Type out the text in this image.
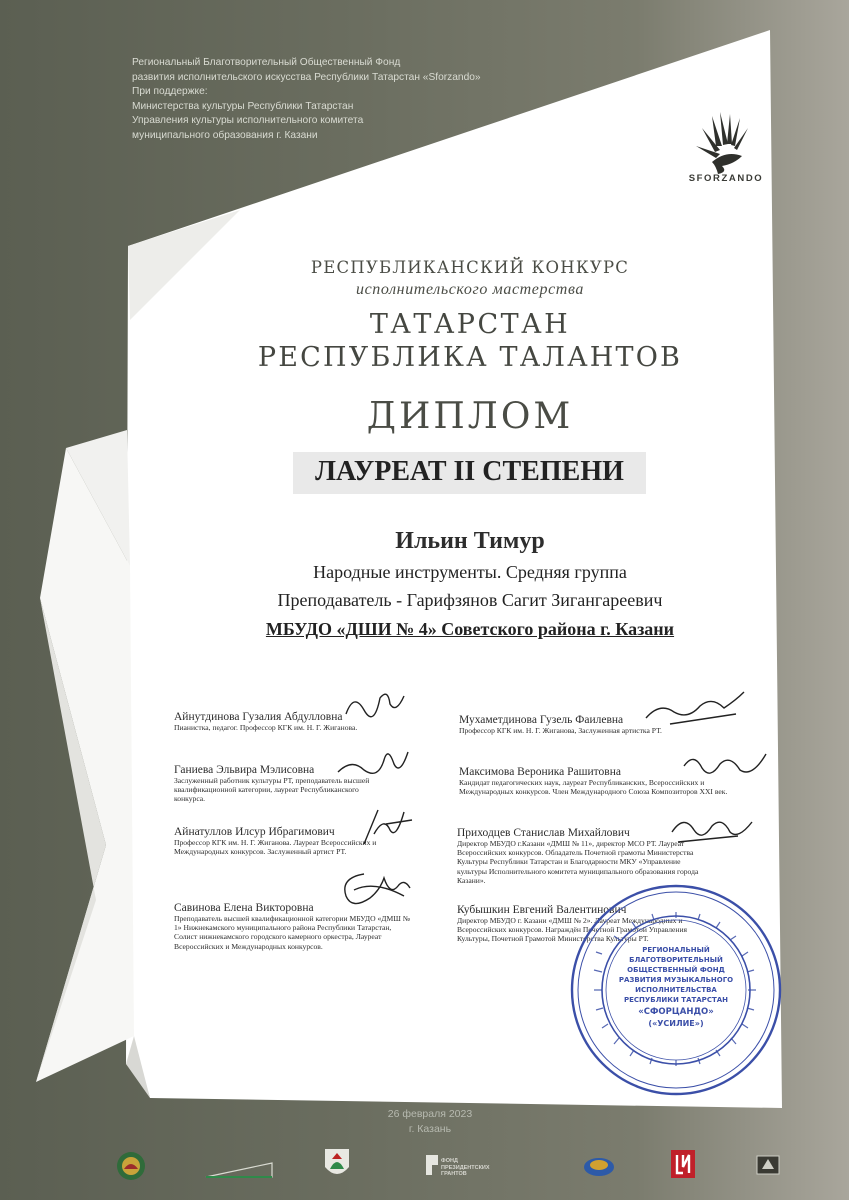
Региональный Благотворительный Общественный Фонд
развития исполнительского искусства Республики Татарстан «Sforzando»
При поддержке:
Министерства культуры Республики Татарстан
Управления культуры исполнительного комитета
муниципального образования г. Казани
SFORZANDO
РЕСПУБЛИКАНСКИЙ КОНКУРС
исполнительского мастерства
ТАТАРСТАН
РЕСПУБЛИКА ТАЛАНТОВ
ДИПЛОМ
ЛАУРЕАТ II СТЕПЕНИ
Ильин Тимур
Народные инструменты. Средняя группа
Преподаватель - Гарифзянов Сагит Зигангареевич
МБУДО «ДШИ № 4» Советского района г. Казани
Айнутдинова Гузалия Абдулловна
Пианистка, педагог. Профессор КГК им. Н. Г. Жиганова.
Ганиева Эльвира Мэлисовна
Заслуженный работник культуры РТ, преподаватель высшей квалификационной категории, лауреат Республиканского конкурса.
Айнатуллов Илсур Ибрагимович
Профессор КГК им. Н. Г. Жиганова. Лауреат Всероссийских и Международных конкурсов. Заслуженный артист РТ.
Савинова Елена Викторовна
Преподаватель высшей квалификационной категории МБУДО «ДМШ № 1» Нижнекамского муниципального района Республики Татарстан, Солист нижнекамского городского камерного оркестра, Лауреат Всероссийских и Международных конкурсов.
Мухаметдинова Гузель Фаилевна
Профессор КГК им. Н. Г. Жиганова, Заслуженная артистка РТ.
Максимова Вероника Рашитовна
Кандидат педагогических наук, лауреат Республиканских, Всероссийских и Международных конкурсов. Член Международного Союза Композиторов XXI век.
Приходцев Станислав Михайлович
Директор МБУДО г.Казани «ДМШ № 11», директор МСО РТ. Лауреат Всероссийских конкурсов. Обладатель Почетной грамоты Министерства Культуры Республики Татарстан и Благодарности МКУ «Управление культуры Исполнительного комитета муниципального образования города Казани».
Кубышкин Евгений Валентинович
Директор МБУДО г. Казани «ДМШ № 2». Лауреат Международных и Всероссийских конкурсов. Награждён Почетной Грамотой Управления Культуры, Почетной Грамотой Министерства Культуры РТ.
РЕГИОНАЛЬНЫЙ
БЛАГОТВОРИТЕЛЬНЫЙ
ОБЩЕСТВЕННЫЙ ФОНД
РАЗВИТИЯ МУЗЫКАЛЬНОГО
ИСПОЛНИТЕЛЬСТВА
РЕСПУБЛИКИ ТАТАРСТАН
«СФОРЦАНДО»
(«УСИЛИЕ»)
26 февраля 2023
г. Казань
ФОНД
ПРЕЗИДЕНТСКИХ
ГРАНТОВ
